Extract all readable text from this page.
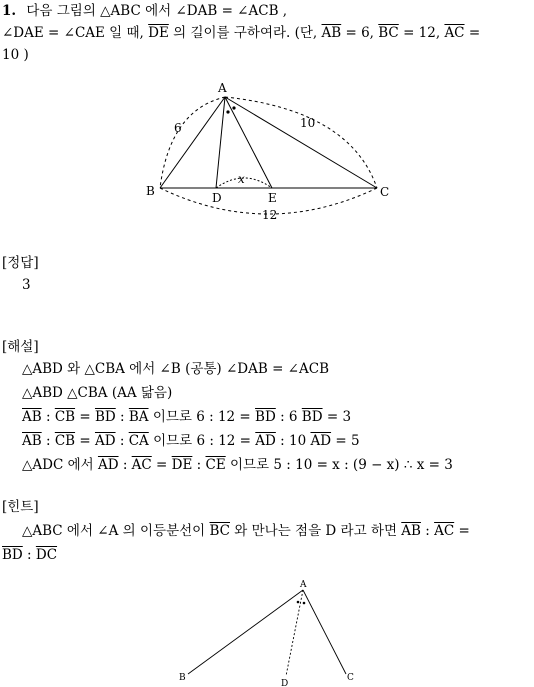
1. 다음 그림의 △ABC 에서 ∠DAB = ∠ACB ,
∠DAE = ∠CAE 일 때, $\overline{DE}$ 의 길이를 구하여라. (단, $\overline{AB} = 6$, $\overline{BC} = 12$, $\overline{AC}$ =
10 )
A
B	C
D	E
x
6	10
12
[정답]
3
[해설]
△ABD 와 △CBA 에서 ∠B (공통) ∠DAB = ∠ACB
△ABD △CBA (AA 닮음)
$\overline{AB}$ : $\overline{CB} = \overline{BD}$ : $\overline{BA}$ 이므로 6 : $12 = \overline{BD}$ : 6 $\overline{BD} = 3$
$\overline{AB}$ : $\overline{CB} = \overline{AD}$ : $\overline{CA}$ 이므로 6 : $12 = \overline{AD}$ : 10 $\overline{AD} = 5$
△ADC 에서 $\overline{AD}$ : $\overline{AC} = \overline{DE}$ : $\overline{CE}$ 이므로 5 : 10 = x : (9 − x) ∴ x = 3
[힌트]
△ABC 에서 ∠A 의 이등분선이 $\overline{BC}$ 와 만나는 점을 D 라고 하면 $\overline{AB}$ : $\overline{AC}$ =
$\overline{BD}$ : $\overline{DC}$
A
B	C
D
